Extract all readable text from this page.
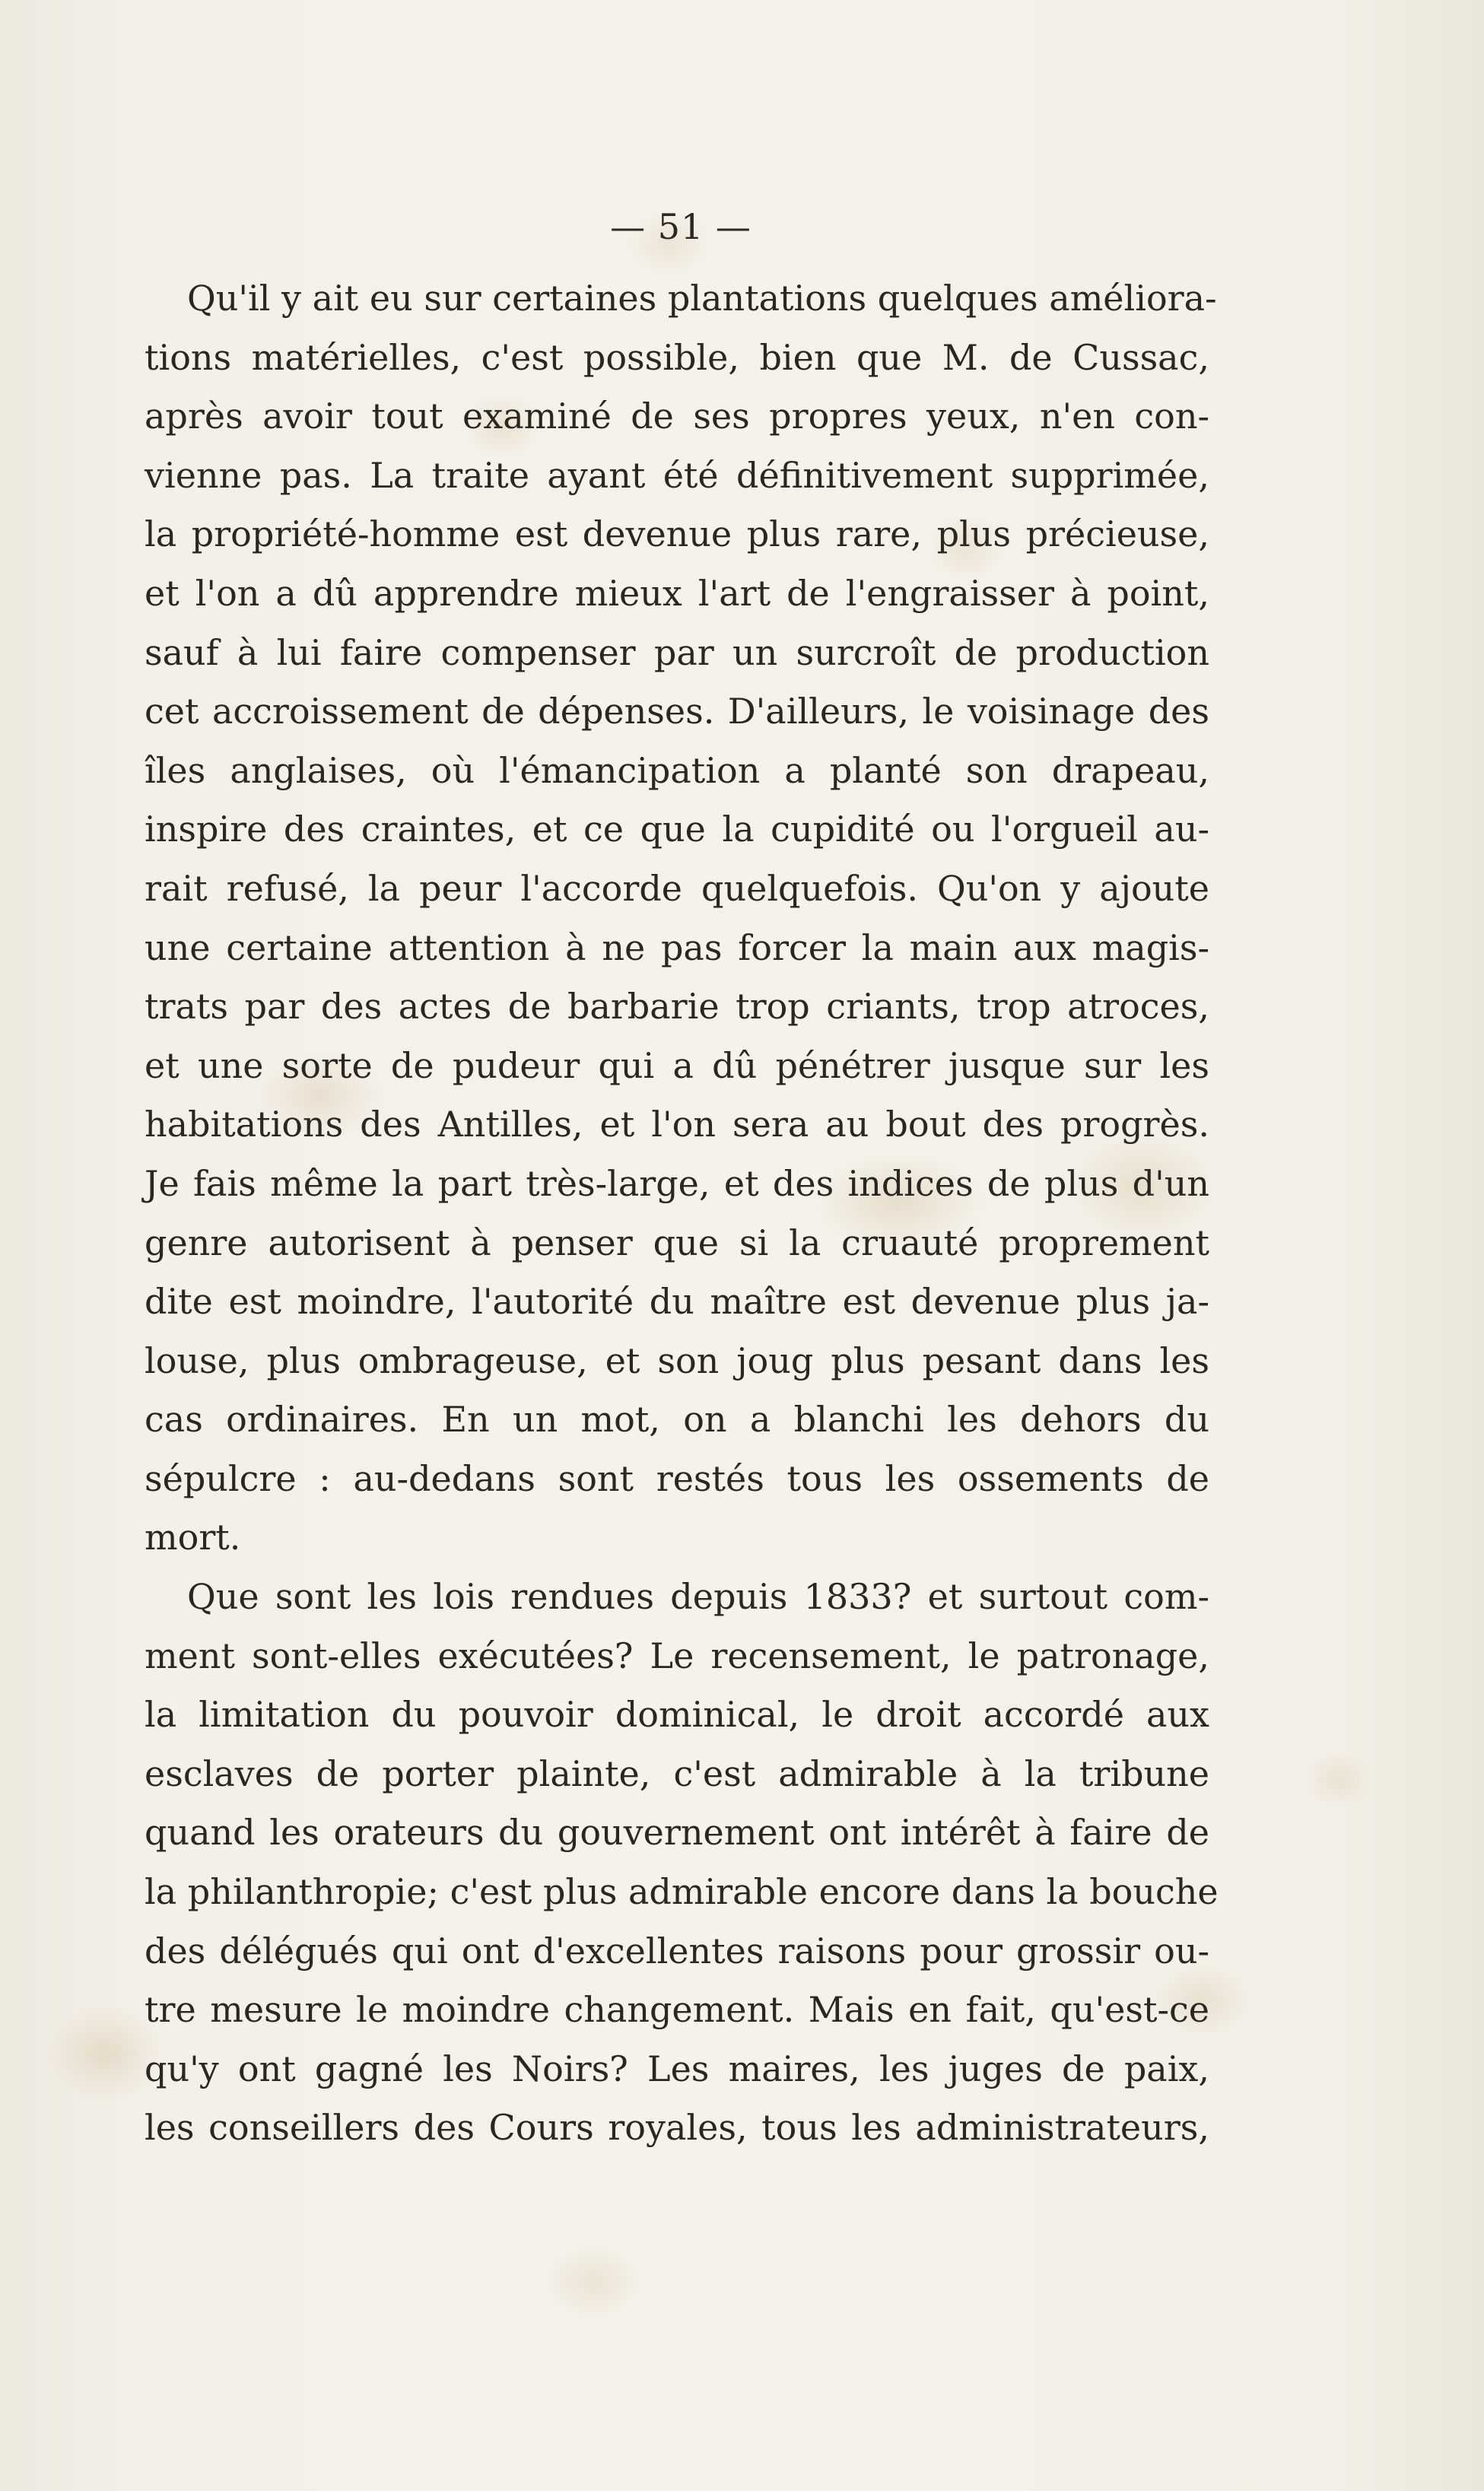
— 51 —
Qu'il y ait eu sur certaines plantations quelques améliora-
tions matérielles, c'est possible, bien que M. de Cussac,
après avoir tout examiné de ses propres yeux, n'en con-
vienne pas. La traite ayant été définitivement supprimée,
la propriété-homme est devenue plus rare, plus précieuse,
et l'on a dû apprendre mieux l'art de l'engraisser à point,
sauf à lui faire compenser par un surcroît de production
cet accroissement de dépenses. D'ailleurs, le voisinage des
îles anglaises, où l'émancipation a planté son drapeau,
inspire des craintes, et ce que la cupidité ou l'orgueil au-
rait refusé, la peur l'accorde quelquefois. Qu'on y ajoute
une certaine attention à ne pas forcer la main aux magis-
trats par des actes de barbarie trop criants, trop atroces,
et une sorte de pudeur qui a dû pénétrer jusque sur les
habitations des Antilles, et l'on sera au bout des progrès.
Je fais même la part très-large, et des indices de plus d'un
genre autorisent à penser que si la cruauté proprement
dite est moindre, l'autorité du maître est devenue plus ja-
louse, plus ombrageuse, et son joug plus pesant dans les
cas ordinaires. En un mot, on a blanchi les dehors du
sépulcre : au-dedans sont restés tous les ossements de
mort.
Que sont les lois rendues depuis 1833? et surtout com-
ment sont-elles exécutées? Le recensement, le patronage,
la limitation du pouvoir dominical, le droit accordé aux
esclaves de porter plainte, c'est admirable à la tribune
quand les orateurs du gouvernement ont intérêt à faire de
la philanthropie; c'est plus admirable encore dans la bouche
des délégués qui ont d'excellentes raisons pour grossir ou-
tre mesure le moindre changement. Mais en fait, qu'est-ce
qu'y ont gagné les Noirs? Les maires, les juges de paix,
les conseillers des Cours royales, tous les administrateurs,
